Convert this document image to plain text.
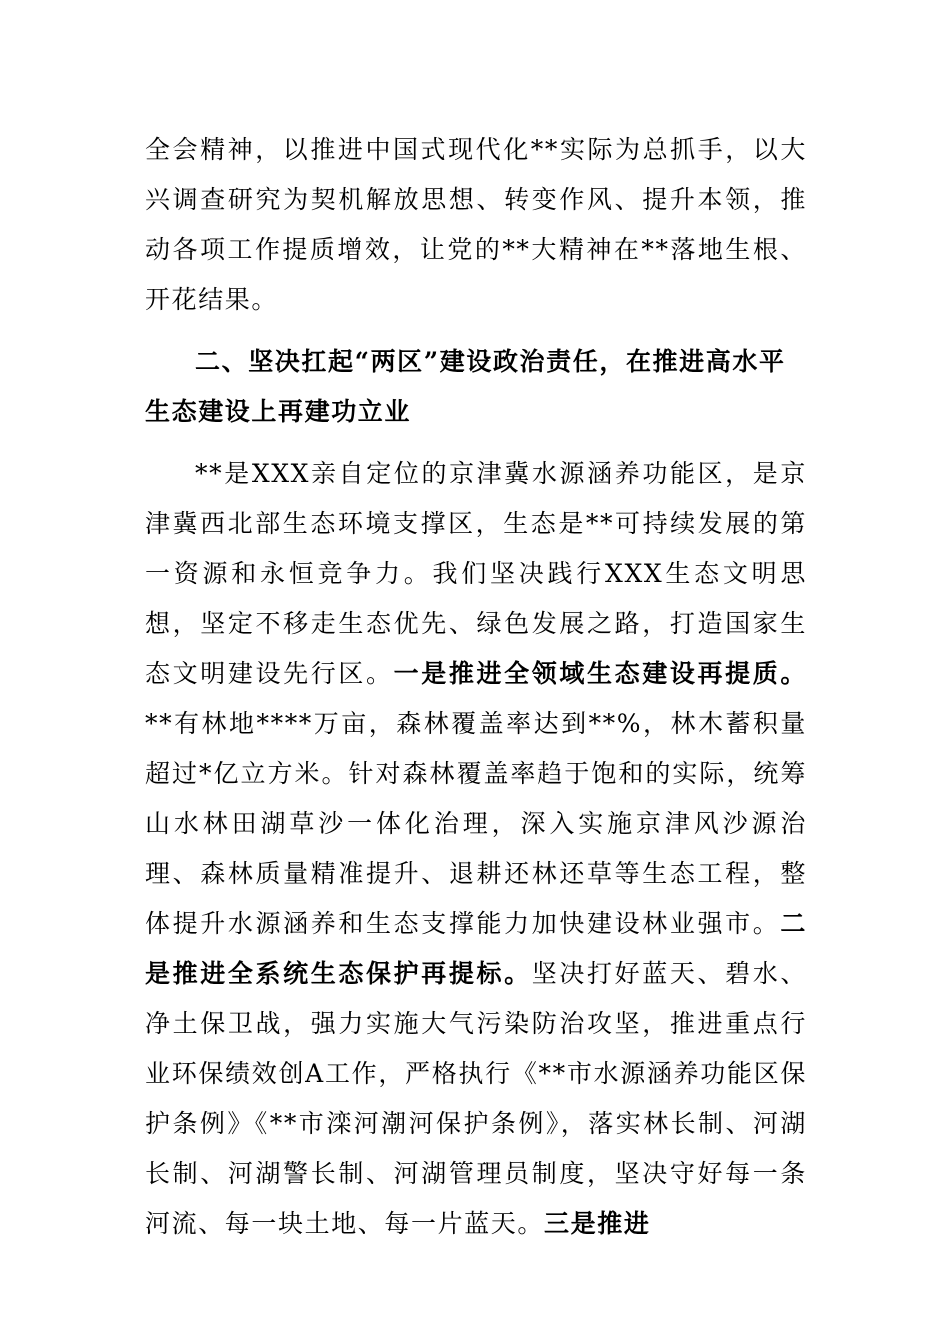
全会精神，以推进中国式现代化**实际为总抓手，以大兴调查研究为契机解放思想、转变作风、提升本领，推动各项工作提质增效，让党的**大精神在**落地生根、开花结果。

二、坚决扛起“两区”建设政治责任，在推进高水平生态建设上再建功立业

**是XXX亲自定位的京津冀水源涵养功能区，是京津冀西北部生态环境支撑区，生态是**可持续发展的第一资源和永恒竞争力。我们坚决践行XXX生态文明思想，坚定不移走生态优先、绿色发展之路，打造国家生态文明建设先行区。一是推进全领域生态建设再提质。**有林地****万亩，森林覆盖率达到**%，林木蓄积量超过*亿立方米。针对森林覆盖率趋于饱和的实际，统筹山水林田湖草沙一体化治理，深入实施京津风沙源治理、森林质量精准提升、退耕还林还草等生态工程，整体提升水源涵养和生态支撑能力加快建设林业强市。二是推进全系统生态保护再提标。坚决打好蓝天、碧水、净土保卫战，强力实施大气污染防治攻坚，推进重点行业环保绩效创A工作，严格执行《**市水源涵养功能区保护条例》《**市滦河潮河保护条例》，落实林长制、河湖长制、河湖警长制、河湖管理员制度，坚决守好每一条河流、每一块土地、每一片蓝天。三是推进
